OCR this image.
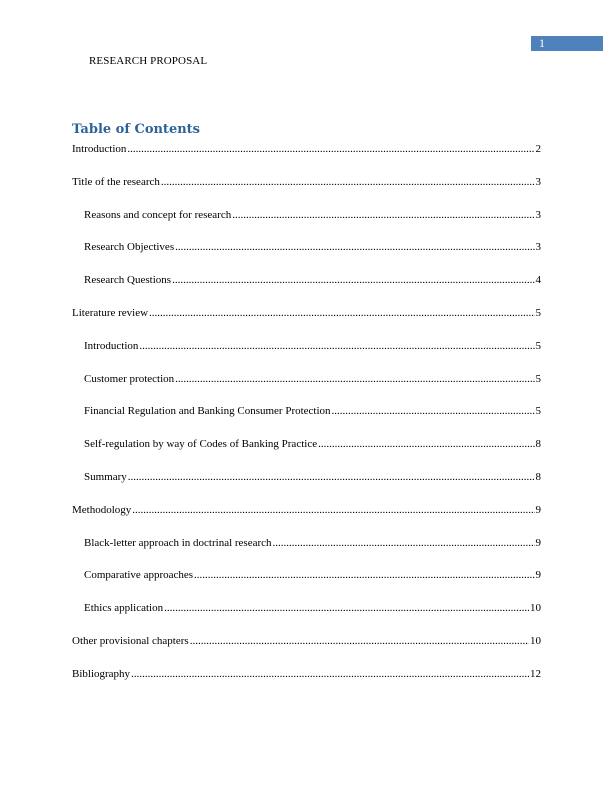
1
RESEARCH PROPOSAL
Table of Contents
Introduction .....	2
Title of the research .....	3
Reasons and concept for research .....	3
Research Objectives .....	3
Research Questions .....	4
Literature review .....	5
Introduction .....	5
Customer protection .....	5
Financial Regulation and Banking Consumer Protection .....	5
Self-regulation by way of Codes of Banking Practice .....	8
Summary .....	8
Methodology .....	9
Black-letter approach in doctrinal research .....	9
Comparative approaches .....	9
Ethics application .....	10
Other provisional chapters .....	10
Bibliography .....	12
